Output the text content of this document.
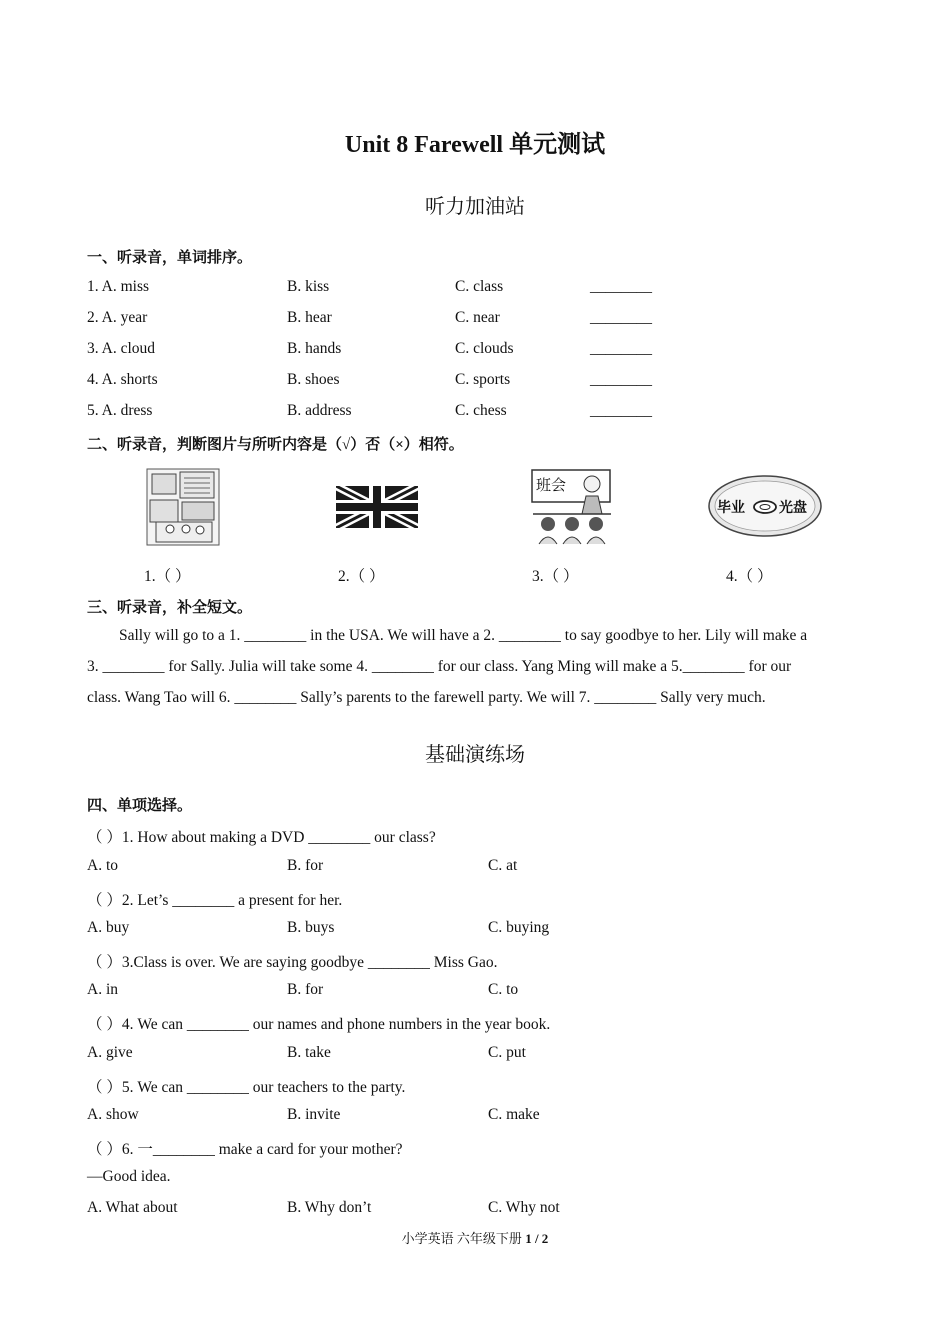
Unit 8 Farewell 单元测试
听力加油站
一、听录音，单词排序。
1. A. miss	B. kiss	C. class	________
2. A. year	B. hear	C. near	________
3. A. cloud	B. hands	C. clouds	________
4. A. shorts	B. shoes	C. sports	________
5. A. dress	B. address	C. chess	________
二、听录音，判断图片与所听内容是（√）否（×）相符。
班会
毕业 光盘
1.（ ）	2.（ ）	3.（ ）	4.（ ）
三、听录音，补全短文。
Sally will go to a 1. ________ in the USA. We will have a 2. ________ to say goodbye to her. Lily will make a
3. ________ for Sally. Julia will take some 4. ________ for our class. Yang Ming will make a 5.________ for our
class. Wang Tao will 6. ________ Sally’s parents to the farewell party. We will 7. ________ Sally very much.
基础演练场
四、单项选择。
（ ）1. How about making a DVD ________ our class?
A. to	B. for	C. at
（ ）2. Let’s ________ a present for her.
A. buy	B. buys	C. buying
（ ）3.Class is over. We are saying goodbye ________ Miss Gao.
A. in	B. for	C. to
（ ）4. We can ________ our names and phone numbers in the year book.
A. give	B. take	C. put
（ ）5. We can ________ our teachers to the party.
A. show	B. invite	C. make
（ ）6. 一________ make a card for your mother?
—Good idea.
A. What about	B. Why don’t	C. Why not
小学英语 六年级下册 1 / 2
